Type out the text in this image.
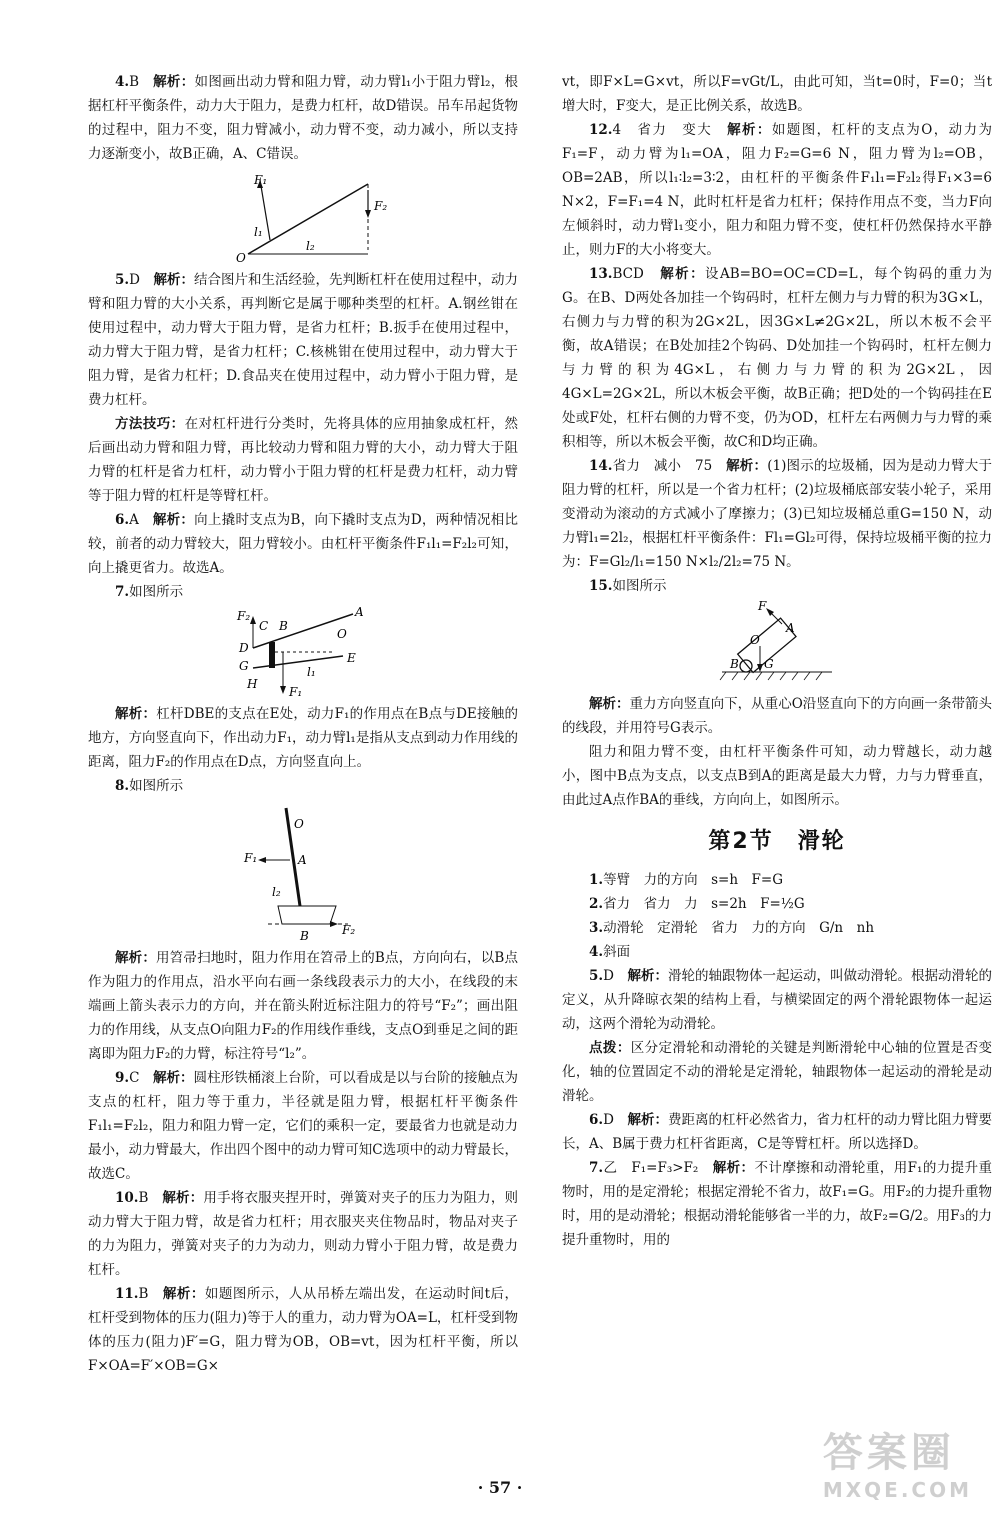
4.B　 解析：如图画出动力臂和阻力臂，动力臂l₁小于阻力臂l₂，根据杠杆平衡条件，动力大于阻力，是费力杠杆，故D错误。吊车吊起货物的过程中，阻力不变，阻力臂减小，动力臂不变，动力减小，所以支持力逐渐变小，故B正确，A、C错误。

F₁
F₂
l₁
l₂
O

5.D　 解析：结合图片和生活经验，先判断杠杆在使用过程中，动力臂和阻力臂的大小关系，再判断它是属于哪种类型的杠杆。A.钢丝钳在使用过程中，动力臂大于阻力臂，是省力杠杆；B.扳手在使用过程中，动力臂大于阻力臂，是省力杠杆；C.核桃钳在使用过程中，动力臂大于阻力臂，是省力杠杆；D.食品夹在使用过程中，动力臂小于阻力臂，是费力杠杆。

方法技巧：在对杠杆进行分类时，先将具体的应用抽象成杠杆，然后画出动力臂和阻力臂，再比较动力臂和阻力臂的大小，动力臂大于阻力臂的杠杆是省力杠杆，动力臂小于阻力臂的杠杆是费力杠杆，动力臂等于阻力臂的杠杆是等臂杠杆。

6.A　 解析：向上撬时支点为B，向下撬时支点为D，两种情况相比较，前者的动力臂较大，阻力臂较小。由杠杆平衡条件F₁l₁=F₂l₂可知，向上撬更省力。故选A。

7.如图所示

F₂
C B
A
D
O
E
G
H
l₁
F₁

解析：杠杆DBE的支点在E处，动力F₁的作用点在B点与DE接触的地方，方向竖直向下，作出动力F₁，动力臂l₁是指从支点到动力作用线的距离，阻力F₂的作用点在D点，方向竖直向上。

8.如图所示

O
F₁	A
l₂
B	F₂

解析：用笤帚扫地时，阻力作用在笤帚上的B点，方向向右，以B点作为阻力的作用点，沿水平向右画一条线段表示力的大小，在线段的末端画上箭头表示力的方向，并在箭头附近标注阻力的符号“F₂”；画出阻力的作用线，从支点O向阻力F₂的作用线作垂线，支点O到垂足之间的距离即为阻力F₂的力臂，标注符号“l₂”。

9.C　 解析：圆柱形铁桶滚上台阶，可以看成是以与台阶的接触点为支点的杠杆，阻力等于重力，半径就是阻力臂，根据杠杆平衡条件F₁l₁=F₂l₂，阻力和阻力臂一定，它们的乘积一定，要最省力也就是动力最小，动力臂最大，作出四个图中的动力臂可知C选项中的动力臂最长，故选C。

10.B　 解析：用手将衣服夹捏开时，弹簧对夹子的压力为阻力，则动力臂大于阻力臂，故是省力杠杆；用衣服夹夹住物品时，物品对夹子的力为阻力，弹簧对夹子的力为动力，则动力臂小于阻力臂，故是费力杠杆。

11.B　 解析：如题图所示，人从吊桥左端出发，在运动时间t后，杠杆受到物体的压力(阻力)等于人的重力，动力臂为OA=L，杠杆受到物体的压力(阻力)F′=G，阻力臂为OB，OB=vt，因为杠杆平衡，所以F×OA=F′×OB=G×

vt，即F×L=G×vt，所以F=vGt/L，由此可知，当t=0时，F=0；当t增大时，F变大，是正比例关系，故选B。

12.4　省力　变大　 解析：如题图，杠杆的支点为O，动力为F₁=F，动力臂为l₁=OA，阻力F₂=G=6 N，阻力臂为l₂=OB，OB=2AB，所以l₁∶l₂=3∶2，由杠杆的平衡条件F₁l₁=F₂l₂得F₁×3=6 N×2，F=F₁=4 N，此时杠杆是省力杠杆；保持作用点不变，当力F向左倾斜时，动力臂l₁变小，阻力和阻力臂不变，使杠杆仍然保持水平静止，则力F的大小将变大。

13.BCD　 解析：设AB=BO=OC=CD=L，每个钩码的重力为G。在B、D两处各加挂一个钩码时，杠杆左侧力与力臂的积为3G×L，右侧力与力臂的积为2G×2L，因3G×L≠2G×2L，所以木板不会平衡，故A错误；在B处加挂2个钩码、D处加挂一个钩码时，杠杆左侧力与力臂的积为4G×L，右侧力与力臂的积为2G×2L，因4G×L=2G×2L，所以木板会平衡，故B正确；把D处的一个钩码挂在E处或F处，杠杆右侧的力臂不变，仍为OD，杠杆左右两侧力与力臂的乘积相等，所以木板会平衡，故C和D均正确。

14.省力　减小　75　 解析：(1)图示的垃圾桶，因为是动力臂大于阻力臂的杠杆，所以是一个省力杠杆；(2)垃圾桶底部安装小轮子，采用变滑动为滚动的方式减小了摩擦力；(3)已知垃圾桶总重G=150 N，动力臂l₁=2l₂，根据杠杆平衡条件：Fl₁=Gl₂可得，保持垃圾桶平衡的拉力为：F=Gl₂/l₁=150 N×l₂/2l₂=75 N。

15.如图所示

F
A
O
B G

解析：重力方向竖直向下，从重心O沿竖直向下的方向画一条带箭头的线段，并用符号G表示。

阻力和阻力臂不变，由杠杆平衡条件可知，动力臂越长，动力越小，图中B点为支点，以支点B到A的距离是最大力臂，力与力臂垂直，由此过A点作BA的垂线，方向向上，如图所示。

第2节　滑轮

1.等臂　力的方向　s=h　F=G

2.省力　省力　力　s=2h　F=½G

3.动滑轮　定滑轮　省力　力的方向　G/n　nh

4.斜面

5.D　 解析：滑轮的轴跟物体一起运动，叫做动滑轮。根据动滑轮的定义，从升降晾衣架的结构上看，与横梁固定的两个滑轮跟物体一起运动，这两个滑轮为动滑轮。

点拨：区分定滑轮和动滑轮的关键是判断滑轮中心轴的位置是否变化，轴的位置固定不动的滑轮是定滑轮，轴跟物体一起运动的滑轮是动滑轮。

6.D　 解析：费距离的杠杆必然省力，省力杠杆的动力臂比阻力臂要长，A、B属于费力杠杆省距离，C是等臂杠杆。所以选择D。

7.乙　F₁=F₃>F₂　 解析：不计摩擦和动滑轮重，用F₁的力提升重物时，用的是定滑轮；根据定滑轮不省力，故F₁=G。用F₂的力提升重物时，用的是动滑轮；根据动滑轮能够省一半的力，故F₂=G/2。用F₃的力提升重物时，用的

· 57 ·
答案圈
MXQE.COM
